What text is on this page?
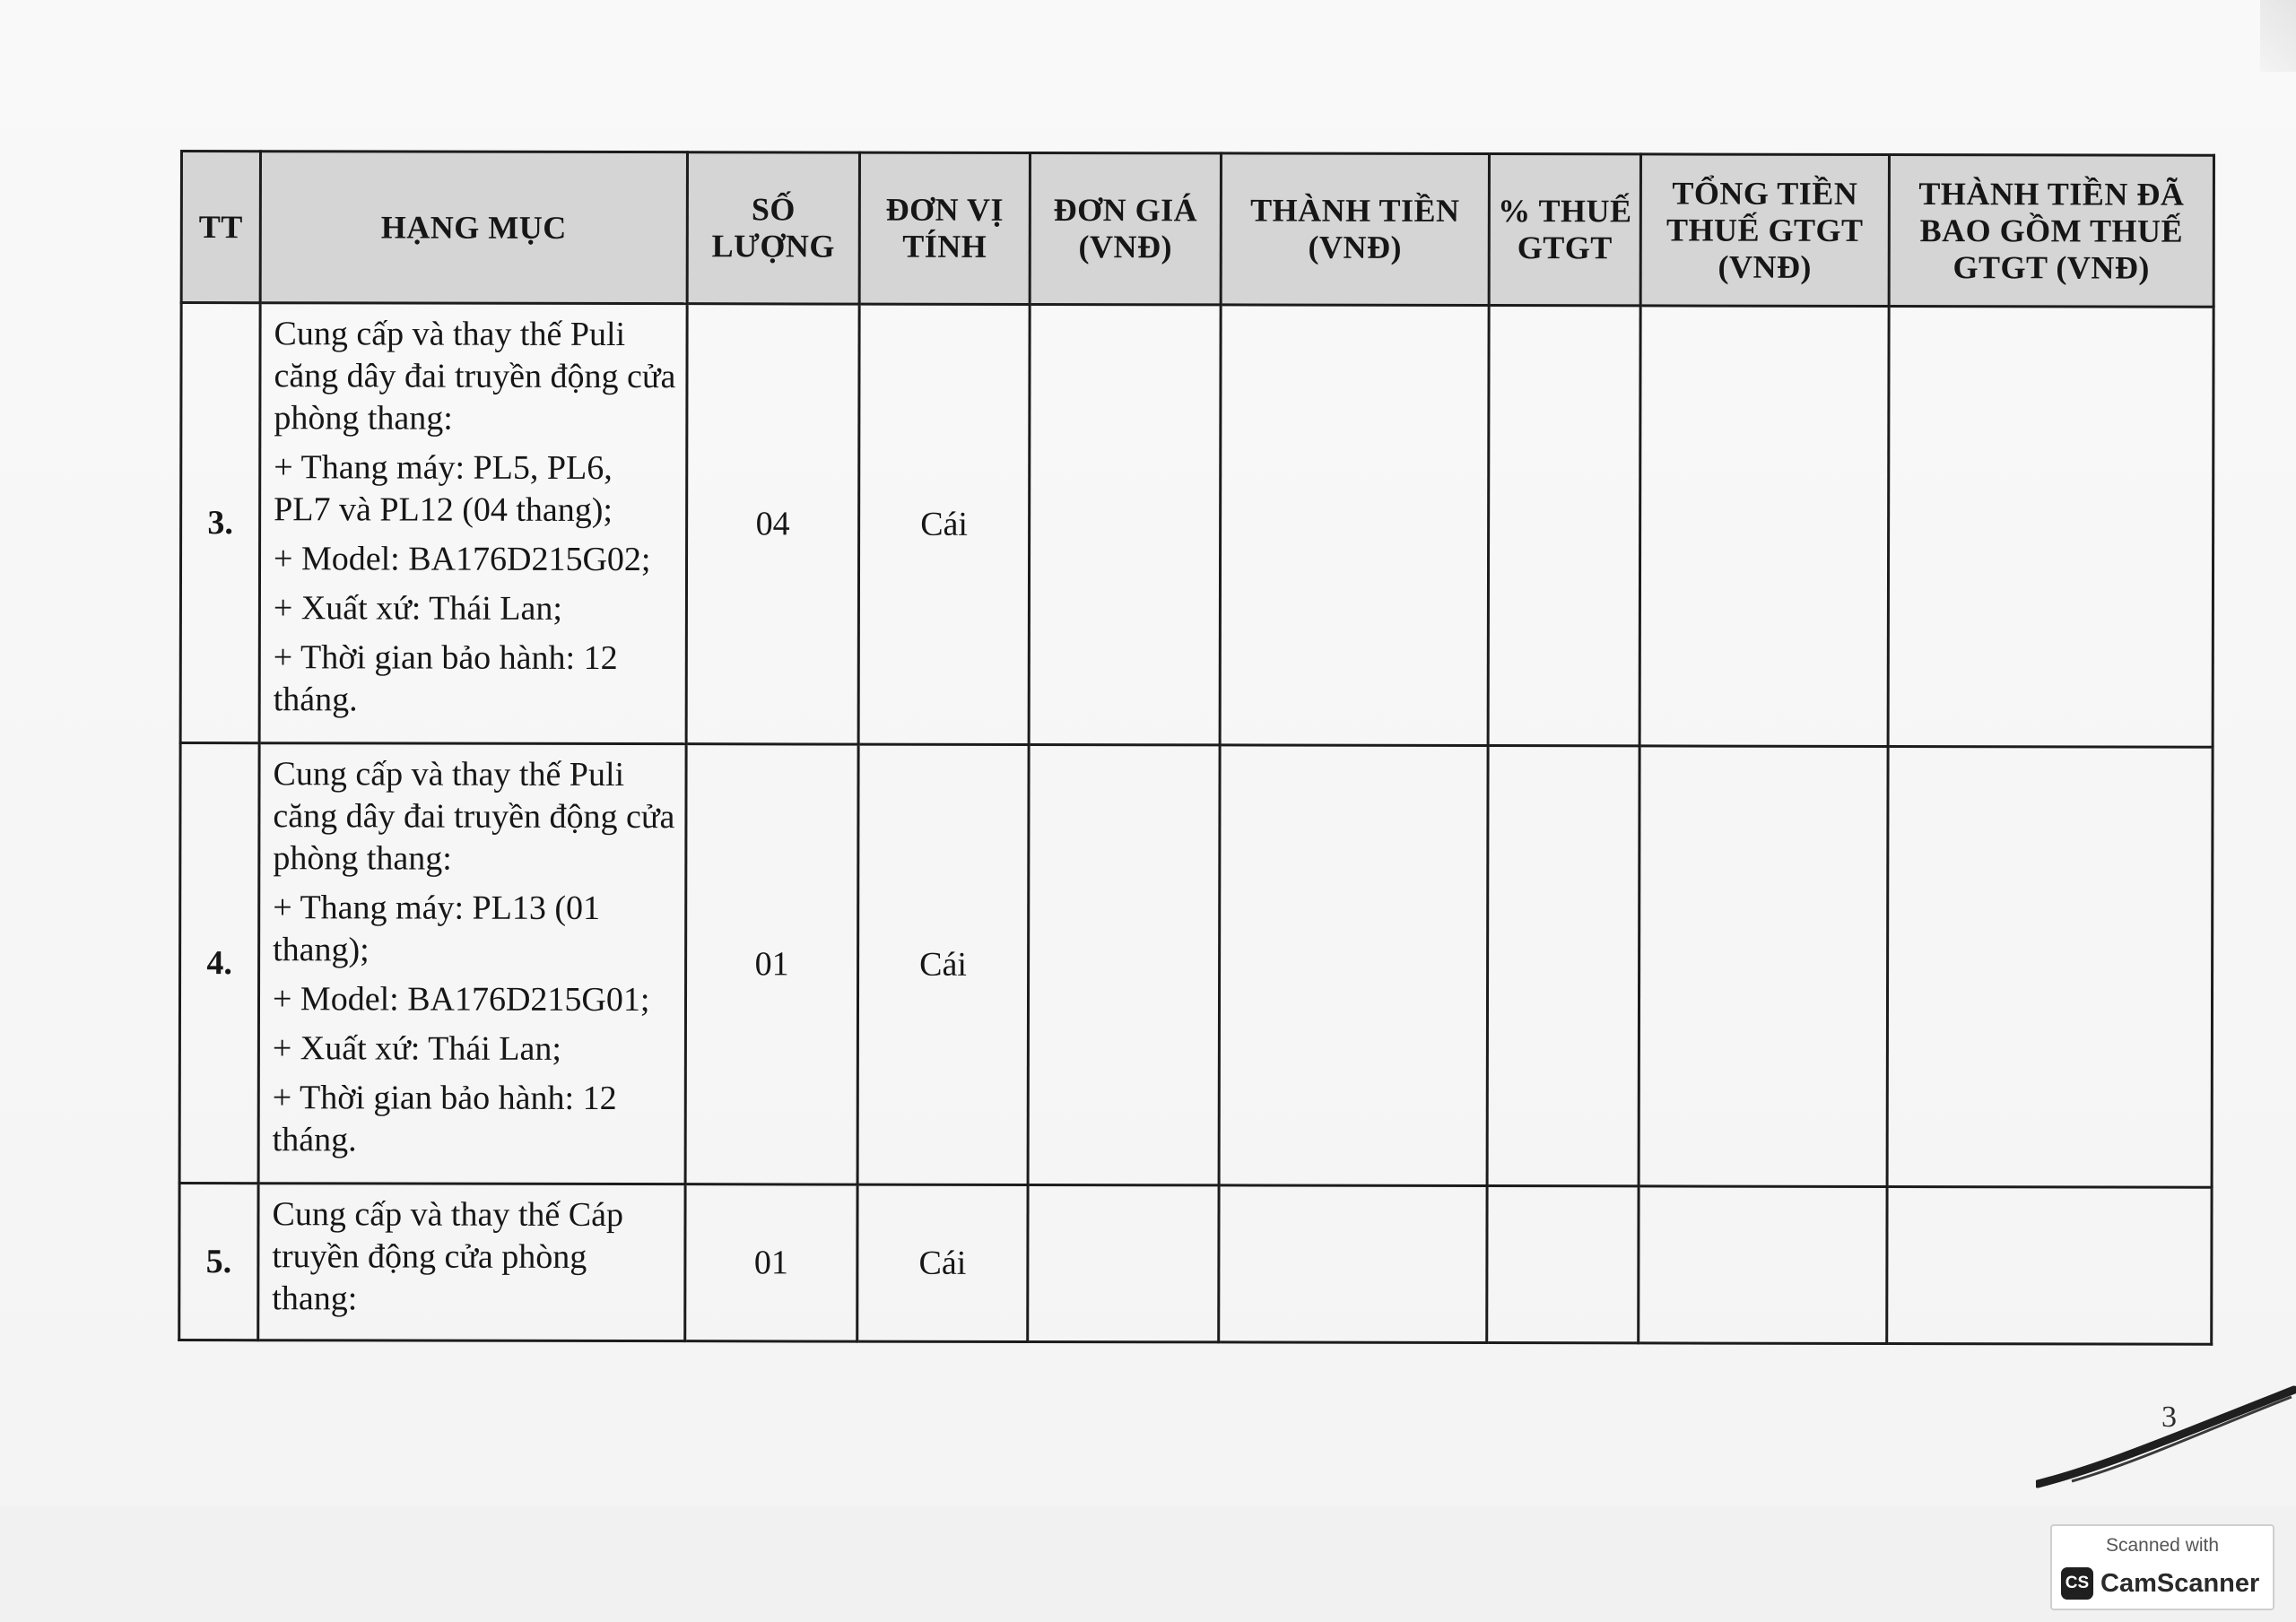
TT	HẠNG MỤC	SỐ LƯỢNG	ĐƠN VỊ TÍNH	ĐƠN GIÁ (VNĐ)	THÀNH TIỀN (VNĐ)	% THUẾ GTGT	TỔNG TIỀN THUẾ GTGT (VNĐ)	THÀNH TIỀN ĐÃ BAO GỒM THUẾ GTGT (VNĐ)
3.	Cung cấp và thay thế Puli căng dây đai truyền động cửa phòng thang:
+ Thang máy: PL5, PL6, PL7 và PL12 (04 thang);
+ Model: BA176D215G02;
+ Xuất xứ: Thái Lan;
+ Thời gian bảo hành: 12 tháng.	04	Cái					
4.	Cung cấp và thay thế Puli căng dây đai truyền động cửa phòng thang:
+ Thang máy: PL13 (01 thang);
+ Model: BA176D215G01;
+ Xuất xứ: Thái Lan;
+ Thời gian bảo hành: 12 tháng.	01	Cái					
5.	Cung cấp và thay thế Cáp truyền động cửa phòng thang:	01	Cái					
3
Scanned with
CS CamScanner
